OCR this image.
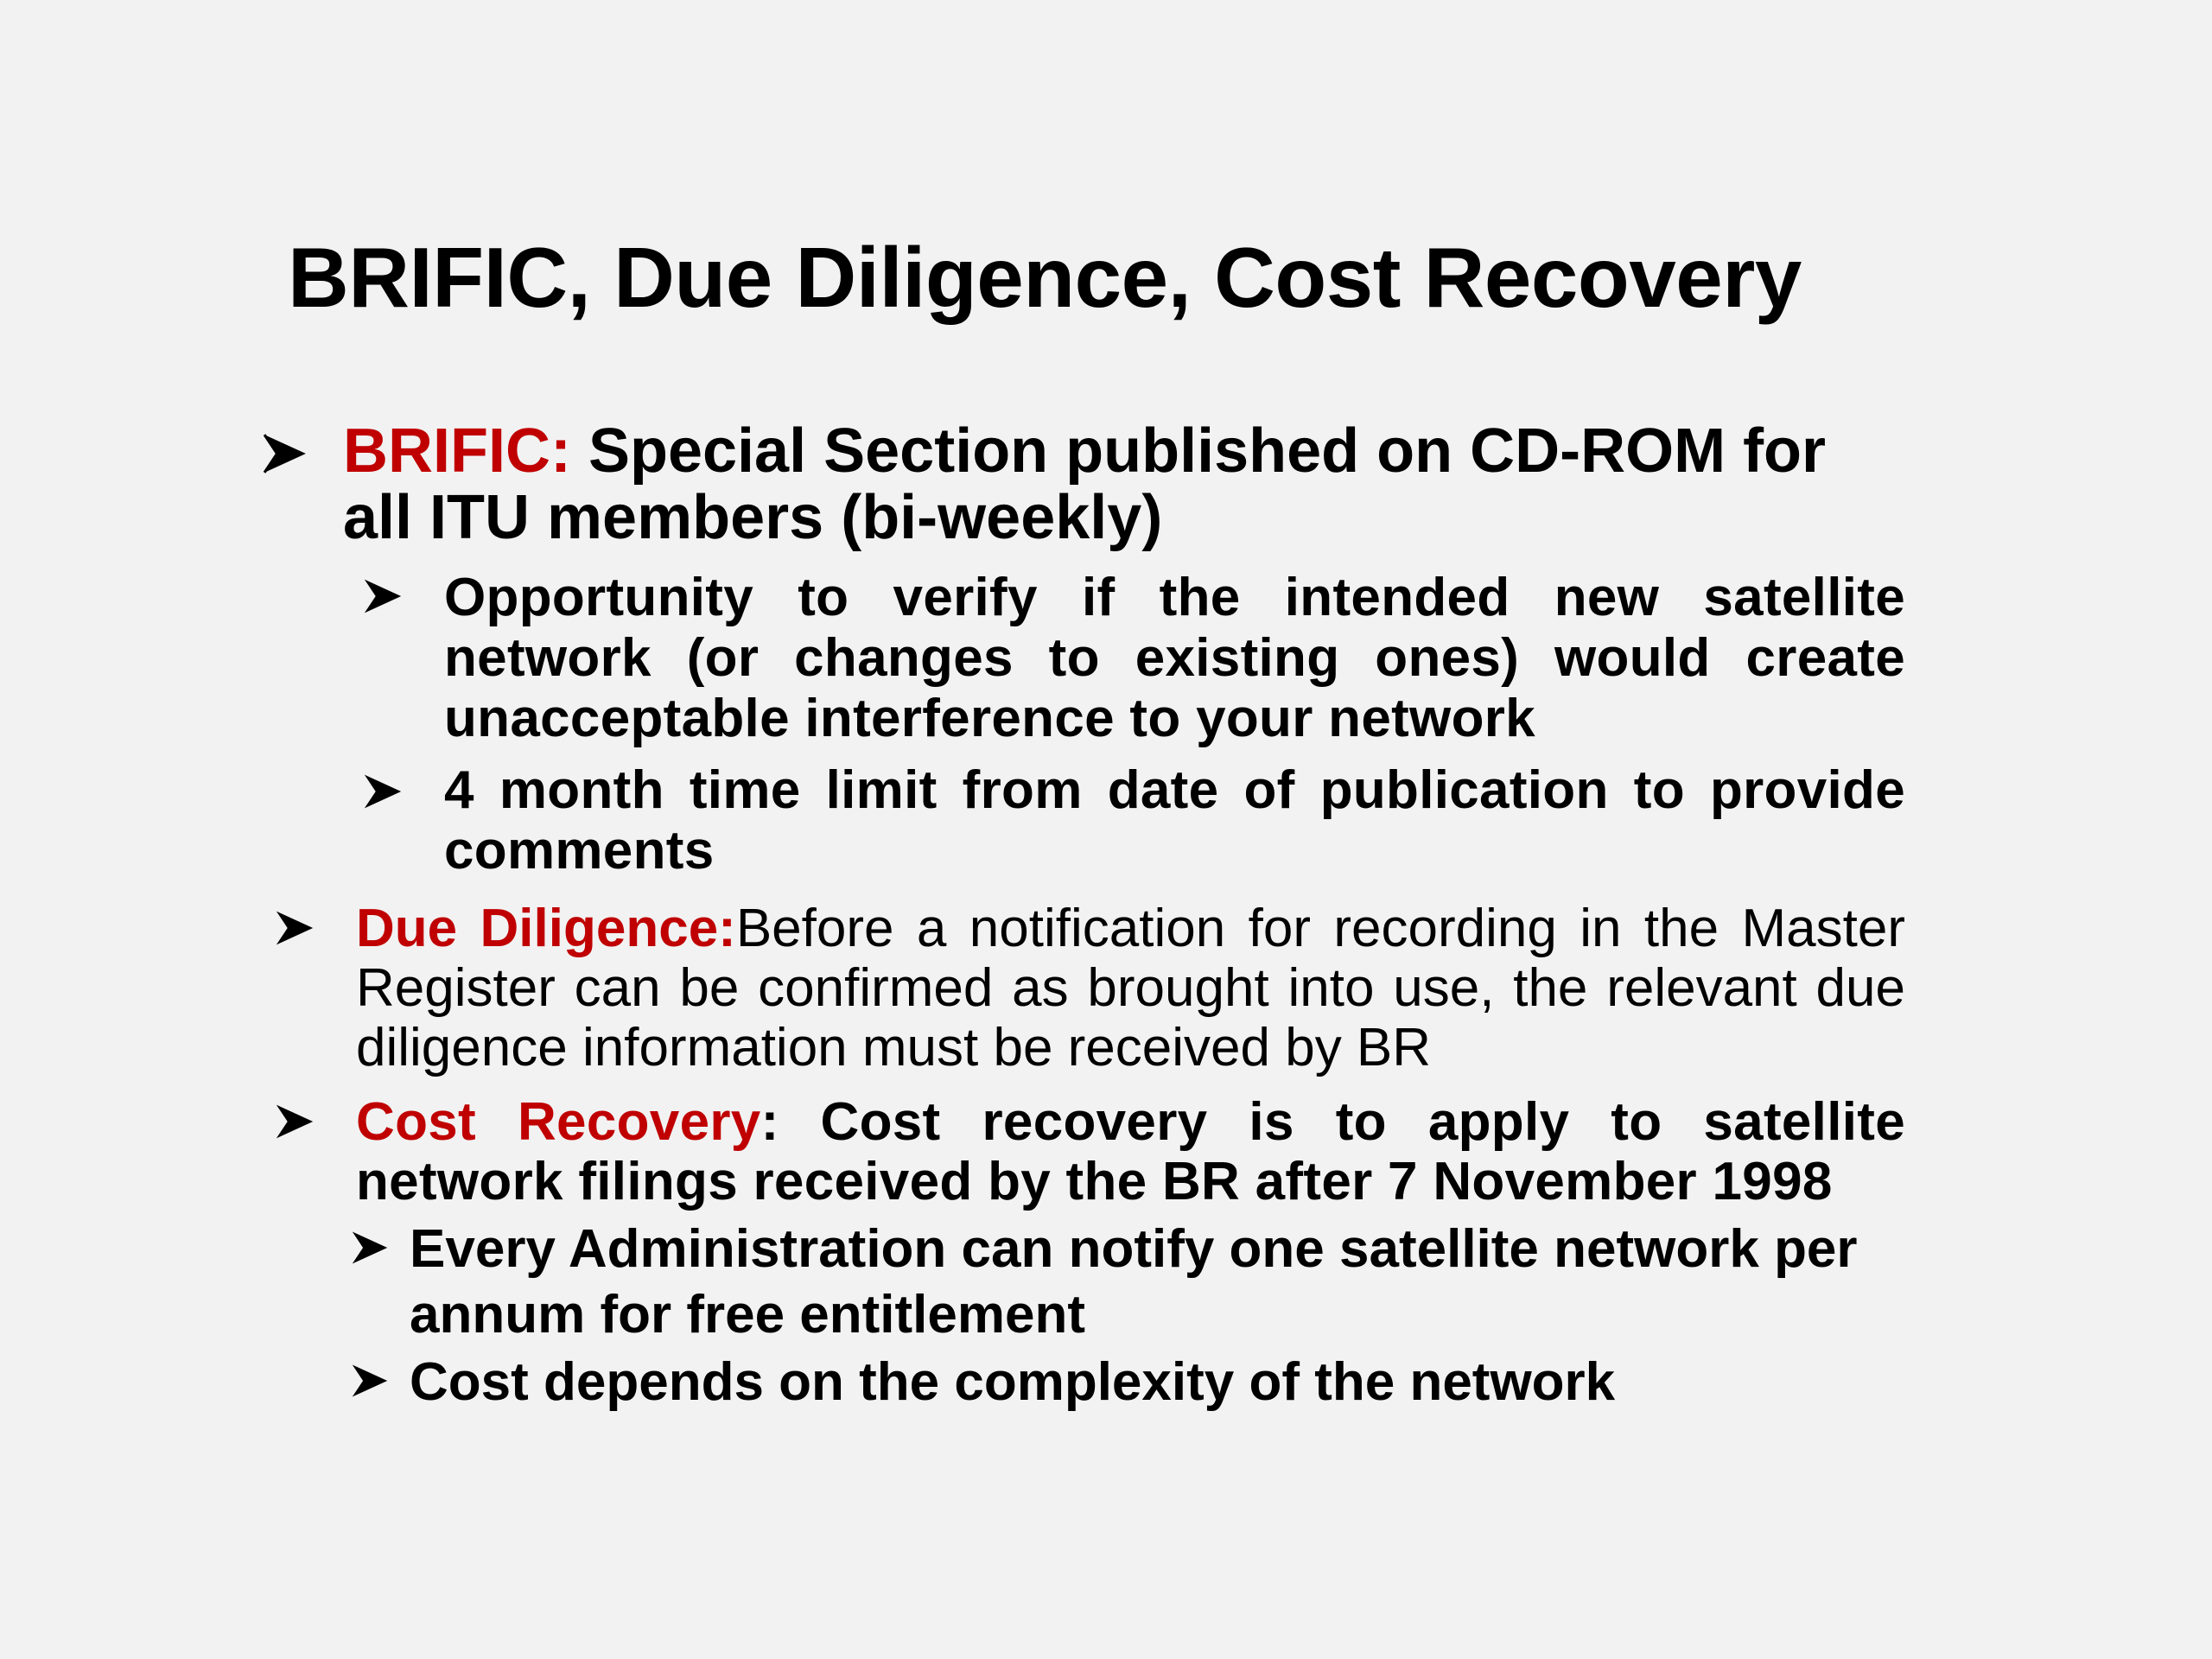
BRIFIC, Due Diligence, Cost Recovery
BRIFIC: Special Section published on CD-ROM for all ITU members (bi-weekly)
Opportunity to verify if the intended new satellite network (or changes to existing ones) would create unacceptable interference to your network
4 month time limit from date of publication to provide comments
Due Diligence:Before a notification for recording in the Master Register can be confirmed as brought into use, the relevant due diligence information must be received by BR
Cost Recovery: Cost recovery is to apply to satellite network filings received by the BR after 7 November 1998
Every Administration can notify one satellite network per annum for free entitlement
Cost depends on the complexity of the network
